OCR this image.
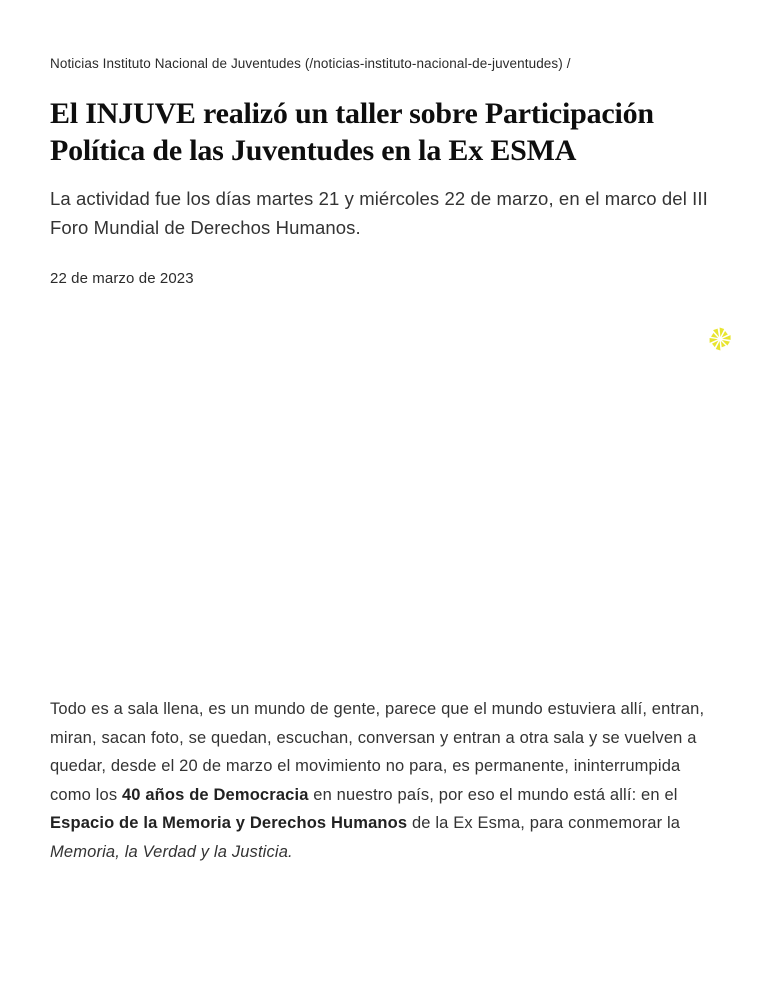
Noticias Instituto Nacional de Juventudes (/noticias-instituto-nacional-de-juventudes) /
El INJUVE realizó un taller sobre Participación Política de las Juventudes en la Ex ESMA

La actividad fue los días martes 21 y miércoles 22 de marzo, en el marco del III Foro Mundial de Derechos Humanos.

22 de marzo de 2023

Todo es a sala llena, es un mundo de gente, parece que el mundo estuviera allí, entran, miran, sacan foto, se quedan, escuchan, conversan y entran a otra sala y se vuelven a quedar, desde el 20 de marzo el movimiento no para, es permanente, ininterrumpida como los 40 años de Democracia en nuestro país, por eso el mundo está allí: en el Espacio de la Memoria y Derechos Humanos de la Ex Esma, para conmemorar la Memoria, la Verdad y la Justicia.
